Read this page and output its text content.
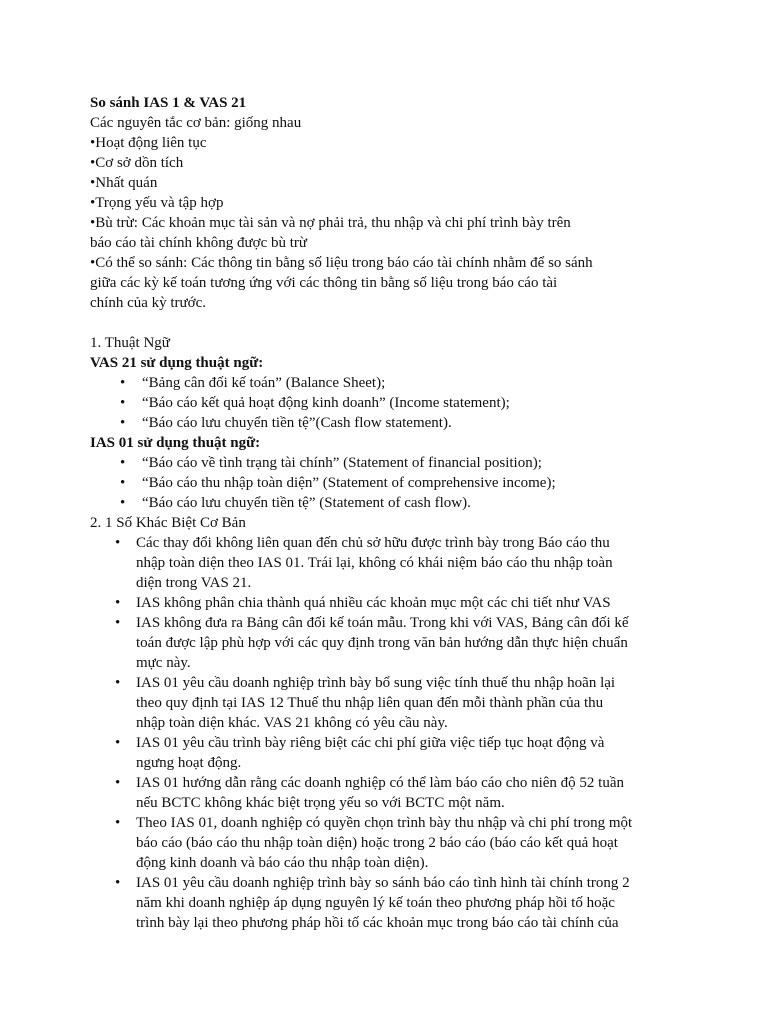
So sánh IAS 1 & VAS 21

Các nguyên tắc cơ bản: giống nhau

•Hoạt động liên tục

•Cơ sở dồn tích

•Nhất quán

•Trọng yếu và tập hợp

•Bù trừ: Các khoản mục tài sản và nợ phải trả, thu nhập và chi phí trình bày trên

báo cáo tài chính không được bù trừ

•Có thể so sánh: Các thông tin bằng số liệu trong báo cáo tài chính nhằm để so sánh

giữa các kỳ kế toán tương ứng với các thông tin bằng số liệu trong báo cáo tài

chính của kỳ trước.

1. Thuật Ngữ

VAS 21 sử dụng thuật ngữ:

• “Bảng cân đối kế toán” (Balance Sheet);
• “Báo cáo kết quả hoạt động kinh doanh” (Income statement);
• “Báo cáo lưu chuyển tiền tệ”(Cash flow statement).

IAS 01 sử dụng thuật ngữ:

• “Báo cáo về tình trạng tài chính” (Statement of financial position);
• “Báo cáo thu nhập toàn diện” (Statement of comprehensive income);
• “Báo cáo lưu chuyển tiền tệ” (Statement of cash flow).

2. 1 Số Khác Biệt Cơ Bản

• Các thay đổi không liên quan đến chủ sở hữu được trình bày trong Báo cáo thu
nhập toàn diện theo IAS 01. Trái lại, không có khái niệm báo cáo thu nhập toàn
diện trong VAS 21.
• IAS không phân chia thành quá nhiều các khoản mục một các chi tiết như VAS
• IAS không đưa ra Bảng cân đối kế toán mẫu. Trong khi với VAS, Bảng cân đối kế
toán được lập phù hợp với các quy định trong văn bản hướng dẫn thực hiện chuẩn
mực này.
• IAS 01 yêu cầu doanh nghiệp trình bày bổ sung việc tính thuế thu nhập hoãn lại
theo quy định tại IAS 12 Thuế thu nhập liên quan đến mỗi thành phần của thu
nhập toàn diện khác. VAS 21 không có yêu cầu này.
• IAS 01 yêu cầu trình bày riêng biệt các chi phí giữa việc tiếp tục hoạt động và
ngưng hoạt động.
• IAS 01 hướng dẫn rằng các doanh nghiệp có thể làm báo cáo cho niên độ 52 tuần
nếu BCTC không khác biệt trọng yếu so với BCTC một năm.
• Theo IAS 01, doanh nghiệp có quyền chọn trình bày thu nhập và chi phí trong một
báo cáo (báo cáo thu nhập toàn diện) hoặc trong 2 báo cáo (báo cáo kết quả hoạt
động kinh doanh và báo cáo thu nhập toàn diện).
• IAS 01 yêu cầu doanh nghiệp trình bày so sánh báo cáo tình hình tài chính trong 2
năm khi doanh nghiệp áp dụng nguyên lý kế toán theo phương pháp hồi tố hoặc
trình bày lại theo phương pháp hồi tố các khoản mục trong báo cáo tài chính của
